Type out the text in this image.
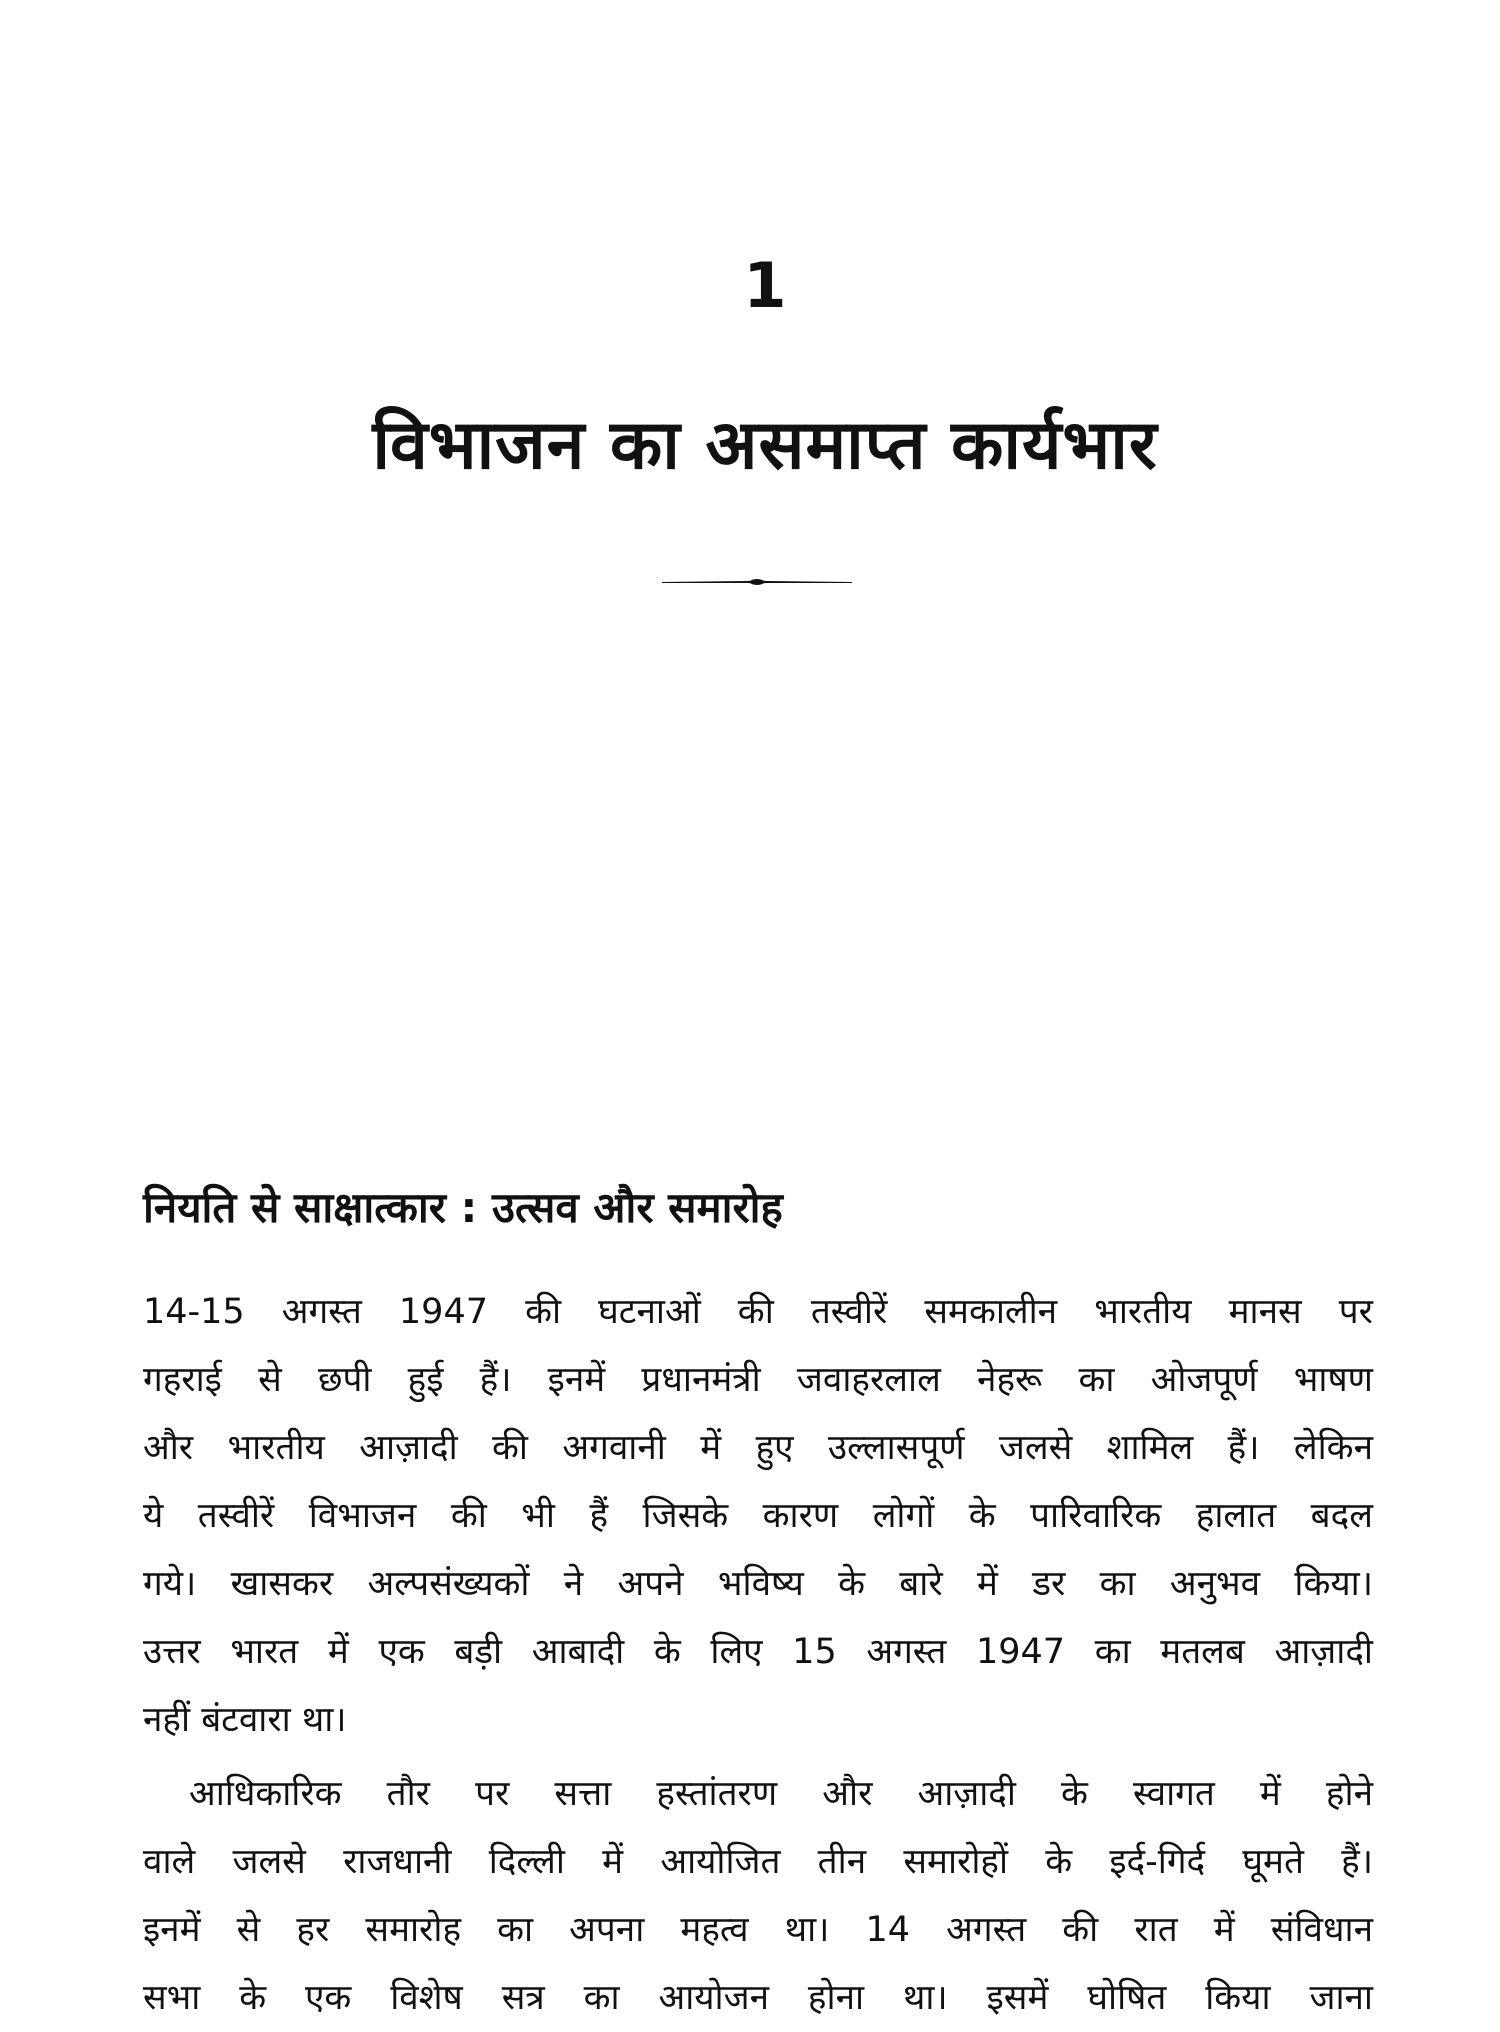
1
विभाजन का असमाप्त कार्यभार
नियति से साक्षात्कार : उत्सव और समारोह
14-15 अगस्त 1947 की घटनाओं की तस्वीरें समकालीन भारतीय मानस पर
गहराई से छपी हुई हैं। इनमें प्रधानमंत्री जवाहरलाल नेहरू का ओजपूर्ण भाषण
और भारतीय आज़ादी की अगवानी में हुए उल्लासपूर्ण जलसे शामिल हैं। लेकिन
ये तस्वीरें विभाजन की भी हैं जिसके कारण लोगों के पारिवारिक हालात बदल
गये। खासकर अल्पसंख्यकों ने अपने भविष्य के बारे में डर का अनुभव किया।
उत्तर भारत में एक बड़ी आबादी के लिए 15 अगस्त 1947 का मतलब आज़ादी
नहीं बंटवारा था।
आधिकारिक तौर पर सत्ता हस्तांतरण और आज़ादी के स्वागत में होने
वाले जलसे राजधानी दिल्ली में आयोजित तीन समारोहों के इर्द-गिर्द घूमते हैं।
इनमें से हर समारोह का अपना महत्व था। 14 अगस्त की रात में संविधान
सभा के एक विशेष सत्र का आयोजन होना था। इसमें घोषित किया जाना
